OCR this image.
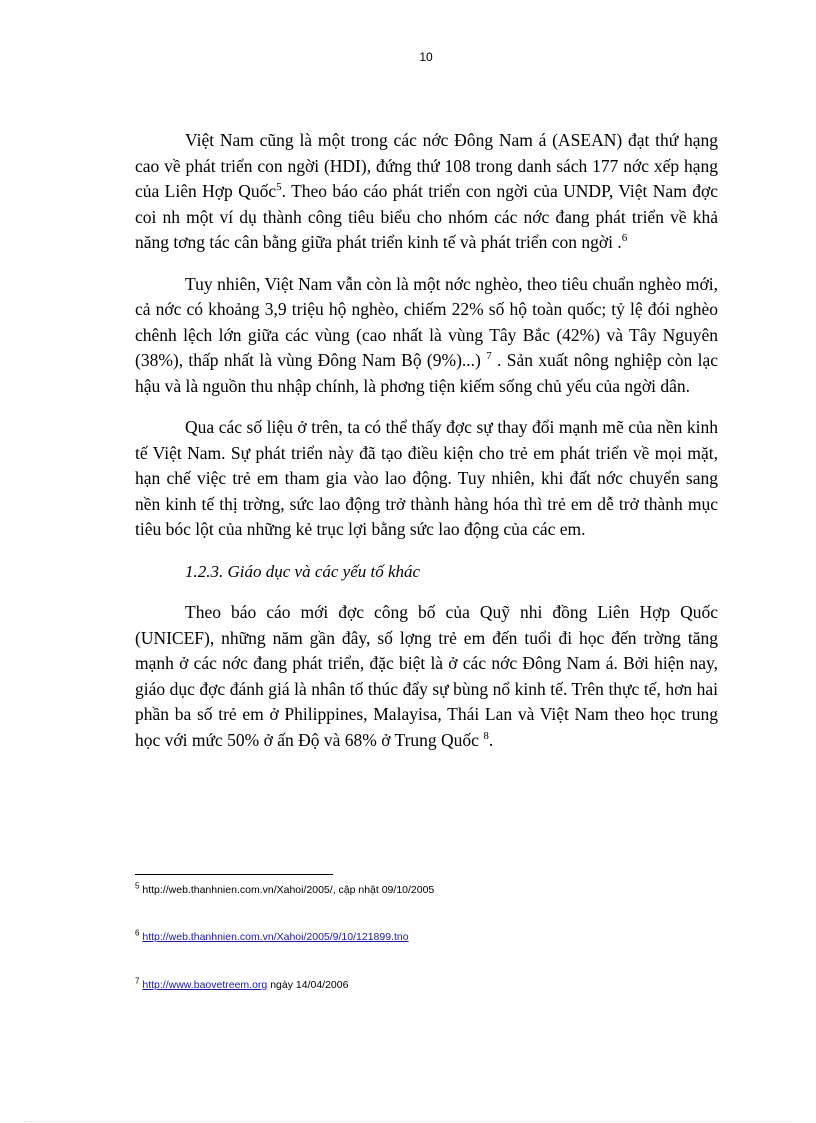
10

Việt Nam cũng là một trong các nớc Đông Nam á (ASEAN) đạt thứ hạng cao về phát triển con ngời (HDI), đứng thứ 108 trong danh sách 177 nớc xếp hạng của Liên Hợp Quốc$^5$. Theo báo cáo phát triển con ngời của UNDP, Việt Nam đợc coi nh một ví dụ thành công tiêu biểu cho nhóm các nớc đang phát triển về khả năng tơng tác cân bằng giữa phát triển kinh tế và phát triển con ngời .$^6$

Tuy nhiên, Việt Nam vẫn còn là một nớc nghèo, theo tiêu chuẩn nghèo mới, cả nớc có khoảng 3,9 triệu hộ nghèo, chiếm 22% số hộ toàn quốc; tỷ lệ đói nghèo chênh lệch lớn giữa các vùng (cao nhất là vùng Tây Bắc (42%) và Tây Nguyên (38%), thấp nhất là vùng Đông Nam Bộ (9%)...) $^7$ . Sản xuất nông nghiệp còn lạc hậu và là nguồn thu nhập chính, là phơng tiện kiếm sống chủ yếu của ngời dân.

Qua các số liệu ở trên, ta có thể thấy đợc sự thay đổi mạnh mẽ của nền kinh tế Việt Nam. Sự phát triển này đã tạo điều kiện cho trẻ em phát triển về mọi mặt, hạn chế việc trẻ em tham gia vào lao động. Tuy nhiên, khi đất nớc chuyển sang nền kinh tế thị trờng, sức lao động trở thành hàng hóa thì trẻ em dễ trở thành mục tiêu bóc lột của những kẻ trục lợi bằng sức lao động của các em.

1.2.3. Giáo dục và các yếu tố khác

Theo báo cáo mới đợc công bố của Quỹ nhi đồng Liên Hợp Quốc (UNICEF), những năm gần đây, số lợng trẻ em đến tuổi đi học đến trờng tăng mạnh ở các nớc đang phát triển, đặc biệt là ở các nớc Đông Nam á. Bởi hiện nay, giáo dục đợc đánh giá là nhân tố thúc đẩy sự bùng nổ kinh tế. Trên thực tế, hơn hai phần ba số trẻ em ở Philippines, Malayisa, Thái Lan và Việt Nam theo học trung học với mức 50% ở ấn Độ và 68% ở Trung Quốc $^8$.

$^5$ http://web.thanhnien.com.vn/Xahoi/2005/, cập nhật 09/10/2005
$^6$ http://web.thanhnien.com.vn/Xahoi/2005/9/10/121899.tno
$^7$ http://www.baovetreem.org ngày 14/04/2006
